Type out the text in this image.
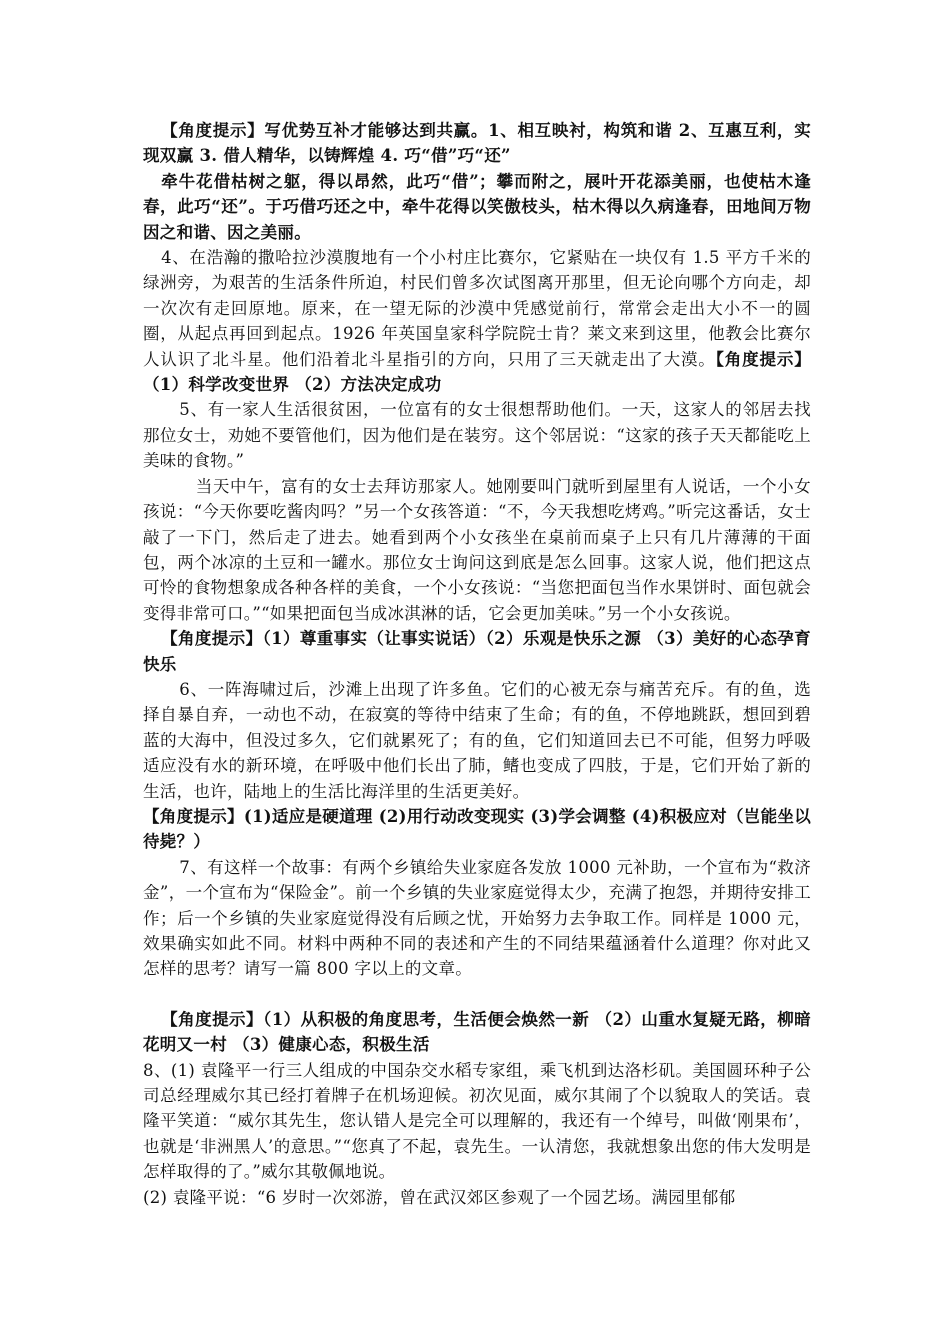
【角度提示】写优势互补才能够达到共赢。1、相互映衬，构筑和谐 2、互惠互利，实现双赢 3. 借人精华，以铸辉煌 4. 巧“借”巧“还”

牵牛花借枯树之躯，得以昂然，此巧“借”；攀而附之，展叶开花添美丽，也使枯木逢春，此巧“还”。于巧借巧还之中，牵牛花得以笑傲枝头，枯木得以久病逢春，田地间万物因之和谐、因之美丽。

4、在浩瀚的撒哈拉沙漠腹地有一个小村庄比赛尔，它紧贴在一块仅有 1.5 平方千米的绿洲旁，为艰苦的生活条件所迫，村民们曾多次试图离开那里，但无论向哪个方向走，却一次次有走回原地。原来，在一望无际的沙漠中凭感觉前行，常常会走出大小不一的圆圈，从起点再回到起点。1926 年英国皇家科学院院士肯？莱文来到这里，他教会比赛尔人认识了北斗星。他们沿着北斗星指引的方向，只用了三天就走出了大漠。【角度提示】 （1）科学改变世界 （2）方法决定成功

5、有一家人生活很贫困，一位富有的女士很想帮助他们。一天，这家人的邻居去找那位女士，劝她不要管他们，因为他们是在装穷。这个邻居说：“这家的孩子天天都能吃上美味的食物。”

当天中午，富有的女士去拜访那家人。她刚要叫门就听到屋里有人说话，一个小女孩说：“今天你要吃酱肉吗？”另一个女孩答道：“不，今天我想吃烤鸡。”听完这番话，女士敲了一下门，然后走了进去。她看到两个小女孩坐在桌前而桌子上只有几片薄薄的干面包，两个冰凉的土豆和一罐水。那位女士询问这到底是怎么回事。这家人说，他们把这点可怜的食物想象成各种各样的美食，一个小女孩说：“当您把面包当作水果饼时、面包就会变得非常可口。”“如果把面包当成冰淇淋的话，它会更加美味。”另一个小女孩说。

【角度提示】（1）尊重事实（让事实说话）（2）乐观是快乐之源 （3）美好的心态孕育快乐

6、一阵海啸过后，沙滩上出现了许多鱼。它们的心被无奈与痛苦充斥。有的鱼，选择自暴自弃，一动也不动，在寂寞的等待中结束了生命；有的鱼，不停地跳跃，想回到碧蓝的大海中，但没过多久，它们就累死了；有的鱼，它们知道回去已不可能，但努力呼吸适应没有水的新环境，在呼吸中他们长出了肺，鳍也变成了四肢，于是，它们开始了新的生活，也许，陆地上的生活比海洋里的生活更美好。

【角度提示】(1)适应是硬道理 (2)用行动改变现实 (3)学会调整 (4)积极应对（岂能坐以待毙？）

7、有这样一个故事：有两个乡镇给失业家庭各发放 1000 元补助，一个宣布为“救济金”，一个宣布为“保险金”。前一个乡镇的失业家庭觉得太少，充满了抱怨，并期待安排工作；后一个乡镇的失业家庭觉得没有后顾之忧，开始努力去争取工作。同样是 1000 元，效果确实如此不同。材料中两种不同的表述和产生的不同结果蕴涵着什么道理？你对此又怎样的思考？请写一篇 800 字以上的文章。

【角度提示】（1）从积极的角度思考，生活便会焕然一新 （2）山重水复疑无路，柳暗花明又一村 （3）健康心态，积极生活

8、(1) 袁隆平一行三人组成的中国杂交水稻专家组，乘飞机到达洛杉矶。美国圆环种子公司总经理威尔其已经打着牌子在机场迎候。初次见面，威尔其闹了个以貌取人的笑话。袁隆平笑道：“威尔其先生，您认错人是完全可以理解的，我还有一个绰号，叫做‘刚果布’，也就是‘非洲黑人’的意思。”“您真了不起，袁先生。一认清您，我就想象出您的伟大发明是怎样取得的了。”威尔其敬佩地说。

(2) 袁隆平说：“6 岁时一次郊游，曾在武汉郊区参观了一个园艺场。满园里郁郁
